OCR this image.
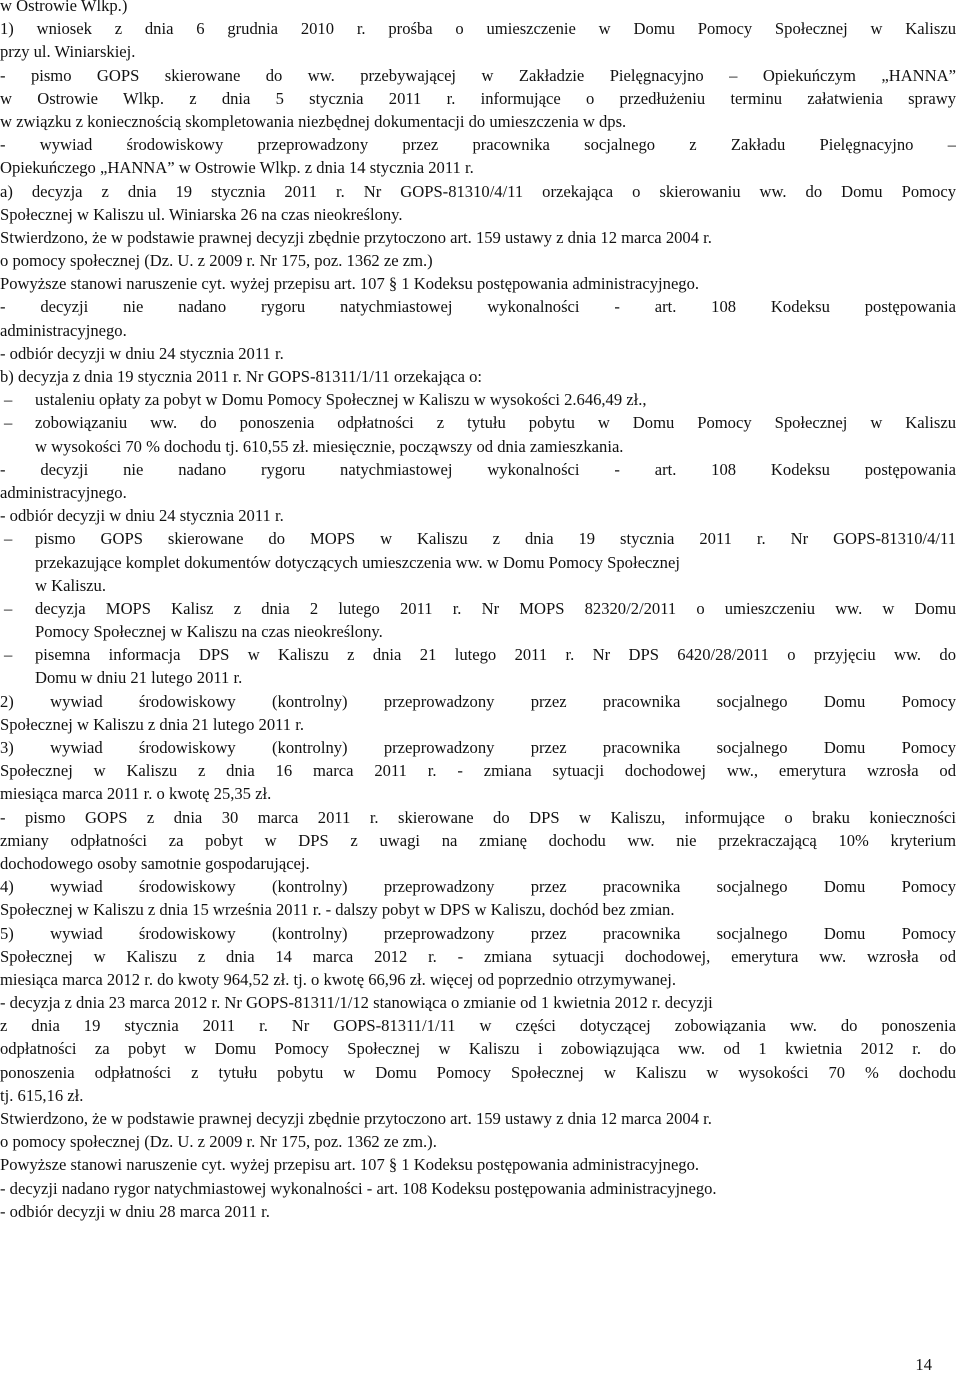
w Ostrowie Wlkp.)
1) wniosek z dnia 6 grudnia 2010 r. prośba o umieszczenie w Domu Pomocy Społecznej w Kaliszu
przy ul. Winiarskiej.
- pismo GOPS skierowane do ww. przebywającej w Zakładzie Pielęgnacyjno – Opiekuńczym „HANNA”
w Ostrowie Wlkp. z dnia 5 stycznia 2011 r. informujące o przedłużeniu terminu załatwienia sprawy
w związku z koniecznością skompletowania niezbędnej dokumentacji do umieszczenia w dps.
- wywiad środowiskowy przeprowadzony przez pracownika socjalnego z Zakładu Pielęgnacyjno –
Opiekuńczego „HANNA” w Ostrowie Wlkp. z dnia 14 stycznia 2011 r.
a) decyzja z dnia 19 stycznia 2011 r. Nr GOPS-81310/4/11 orzekająca o skierowaniu ww. do Domu Pomocy
Społecznej w Kaliszu ul. Winiarska 26 na czas nieokreślony.
Stwierdzono, że w podstawie prawnej decyzji zbędnie przytoczono art. 159 ustawy z dnia 12 marca 2004 r.
o pomocy społecznej (Dz. U. z 2009 r. Nr 175, poz. 1362 ze zm.)
Powyższe stanowi naruszenie cyt. wyżej przepisu art. 107 § 1 Kodeksu postępowania administracyjnego.
- decyzji nie nadano rygoru natychmiastowej wykonalności - art. 108 Kodeksu postępowania
administracyjnego.
- odbiór decyzji w dniu 24 stycznia 2011 r.
b) decyzja z dnia 19 stycznia 2011 r. Nr GOPS-81311/1/11 orzekająca o:
– ustaleniu opłaty za pobyt w Domu Pomocy Społecznej w Kaliszu w wysokości 2.646,49 zł.,
– zobowiązaniu ww. do ponoszenia odpłatności z tytułu pobytu w Domu Pomocy Społecznej w Kaliszu
w wysokości 70 % dochodu tj. 610,55 zł. miesięcznie, począwszy od dnia zamieszkania.
- decyzji nie nadano rygoru natychmiastowej wykonalności - art. 108 Kodeksu postępowania
administracyjnego.
- odbiór decyzji w dniu 24 stycznia 2011 r.
– pismo GOPS skierowane do MOPS w Kaliszu z dnia 19 stycznia 2011 r. Nr GOPS-81310/4/11
przekazujące komplet dokumentów dotyczących umieszczenia ww. w Domu Pomocy Społecznej
w Kaliszu.
– decyzja MOPS Kalisz z dnia 2 lutego 2011 r. Nr MOPS 82320/2/2011 o umieszczeniu ww. w Domu
Pomocy Społecznej w Kaliszu na czas nieokreślony.
– pisemna informacja DPS w Kaliszu z dnia 21 lutego 2011 r. Nr DPS 6420/28/2011 o przyjęciu ww. do
Domu w dniu 21 lutego 2011 r.
2) wywiad środowiskowy (kontrolny) przeprowadzony przez pracownika socjalnego Domu Pomocy
Społecznej w Kaliszu z dnia 21 lutego 2011 r.
3) wywiad środowiskowy (kontrolny) przeprowadzony przez pracownika socjalnego Domu Pomocy
Społecznej w Kaliszu z dnia 16 marca 2011 r. - zmiana sytuacji dochodowej ww., emerytura wzrosła od
miesiąca marca 2011 r. o kwotę 25,35 zł.
- pismo GOPS z dnia 30 marca 2011 r. skierowane do DPS w Kaliszu, informujące o braku konieczności
zmiany odpłatności za pobyt w DPS z uwagi na zmianę dochodu ww. nie przekraczającą 10% kryterium
dochodowego osoby samotnie gospodarującej.
4) wywiad środowiskowy (kontrolny) przeprowadzony przez pracownika socjalnego Domu Pomocy
Społecznej w Kaliszu z dnia 15 września 2011 r. - dalszy pobyt w DPS w Kaliszu, dochód bez zmian.
5) wywiad środowiskowy (kontrolny) przeprowadzony przez pracownika socjalnego Domu Pomocy
Społecznej w Kaliszu z dnia 14 marca 2012 r. - zmiana sytuacji dochodowej, emerytura ww. wzrosła od
miesiąca marca 2012 r. do kwoty 964,52 zł. tj. o kwotę 66,96 zł. więcej od poprzednio otrzymywanej.
- decyzja z dnia 23 marca 2012 r. Nr GOPS-81311/1/12 stanowiąca o zmianie od 1 kwietnia 2012 r. decyzji
z dnia 19 stycznia 2011 r. Nr GOPS-81311/1/11 w części dotyczącej zobowiązania ww. do ponoszenia
odpłatności za pobyt w Domu Pomocy Społecznej w Kaliszu i zobowiązująca ww. od 1 kwietnia 2012 r. do
ponoszenia odpłatności z tytułu pobytu w Domu Pomocy Społecznej w Kaliszu w wysokości 70 % dochodu
tj. 615,16 zł.
Stwierdzono, że w podstawie prawnej decyzji zbędnie przytoczono art. 159 ustawy z dnia 12 marca 2004 r.
o pomocy społecznej (Dz. U. z 2009 r. Nr 175, poz. 1362 ze zm.).
Powyższe stanowi naruszenie cyt. wyżej przepisu art. 107 § 1 Kodeksu postępowania administracyjnego.
- decyzji nadano rygor natychmiastowej wykonalności - art. 108 Kodeksu postępowania administracyjnego.
- odbiór decyzji w dniu 28 marca 2011 r.
14
